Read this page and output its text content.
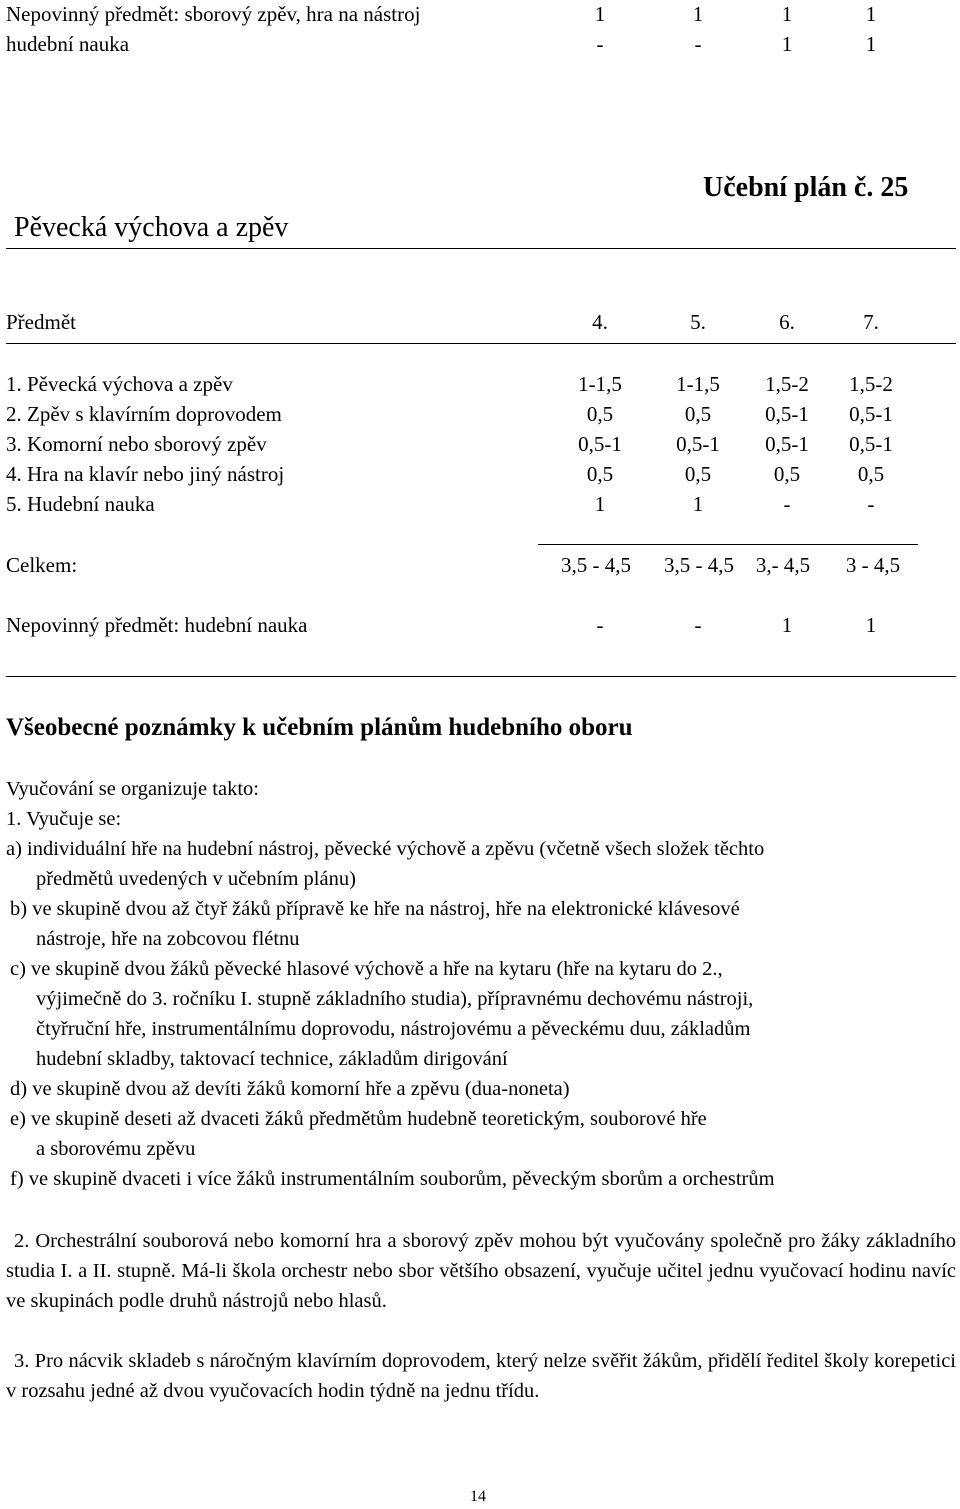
Nepovinný předmět: sborový zpěv, hra na nástroj	1	1	1	1
hudební nauka	-	-	1	1
Učební plán č. 25
Pěvecká výchova a zpěv
Předmět	4.	5.	6.	7.
1. Pěvecká výchova a zpěv	1-1,5	1-1,5	1,5-2	1,5-2
2. Zpěv s klavírním doprovodem	0,5	0,5	0,5-1	0,5-1
3. Komorní nebo sborový zpěv	0,5-1	0,5-1	0,5-1	0,5-1
4. Hra na klavír nebo jiný nástroj	0,5	0,5	0,5	0,5
5. Hudební nauka	1	1	-	-
Celkem:	3,5 - 4,5	3,5 - 4,5	3,- 4,5	3 - 4,5
Nepovinný předmět: hudební nauka	-	-	1	1
Všeobecné poznámky k učebním plánům hudebního oboru
Vyučování se organizuje takto:
1. Vyučuje se:
a) individuální hře na hudební nástroj, pěvecké výchově a zpěvu (včetně všech složek těchto
předmětů uvedených v učebním plánu)
b) ve skupině dvou až čtyř žáků přípravě ke hře na nástroj, hře na elektronické klávesové
nástroje, hře na zobcovou flétnu
c) ve skupině dvou žáků pěvecké hlasové výchově a hře na kytaru (hře na kytaru do 2.,
výjimečně do 3. ročníku I. stupně základního studia), přípravnému dechovému nástroji,
čtyřruční hře, instrumentálnímu doprovodu, nástrojovému a pěveckému duu, základům
hudební skladby, taktovací technice, základům dirigování
d) ve skupině dvou až devíti žáků komorní hře a zpěvu (dua-noneta)
e) ve skupině deseti až dvaceti žáků předmětům hudebně teoretickým, souborové hře
a sborovému zpěvu
f) ve skupině dvaceti i více žáků instrumentálním souborům, pěveckým sborům a orchestrům
2. Orchestrální souborová nebo komorní hra a sborový zpěv mohou být vyučovány společně pro žáky základního studia I. a II. stupně. Má-li škola orchestr nebo sbor většího obsazení, vyučuje učitel jednu vyučovací hodinu navíc ve skupinách podle druhů nástrojů nebo hlasů.
3. Pro nácvik skladeb s náročným klavírním doprovodem, který nelze svěřit žákům, přidělí ředitel školy korepetici v rozsahu jedné až dvou vyučovacích hodin týdně na jednu třídu.
14
